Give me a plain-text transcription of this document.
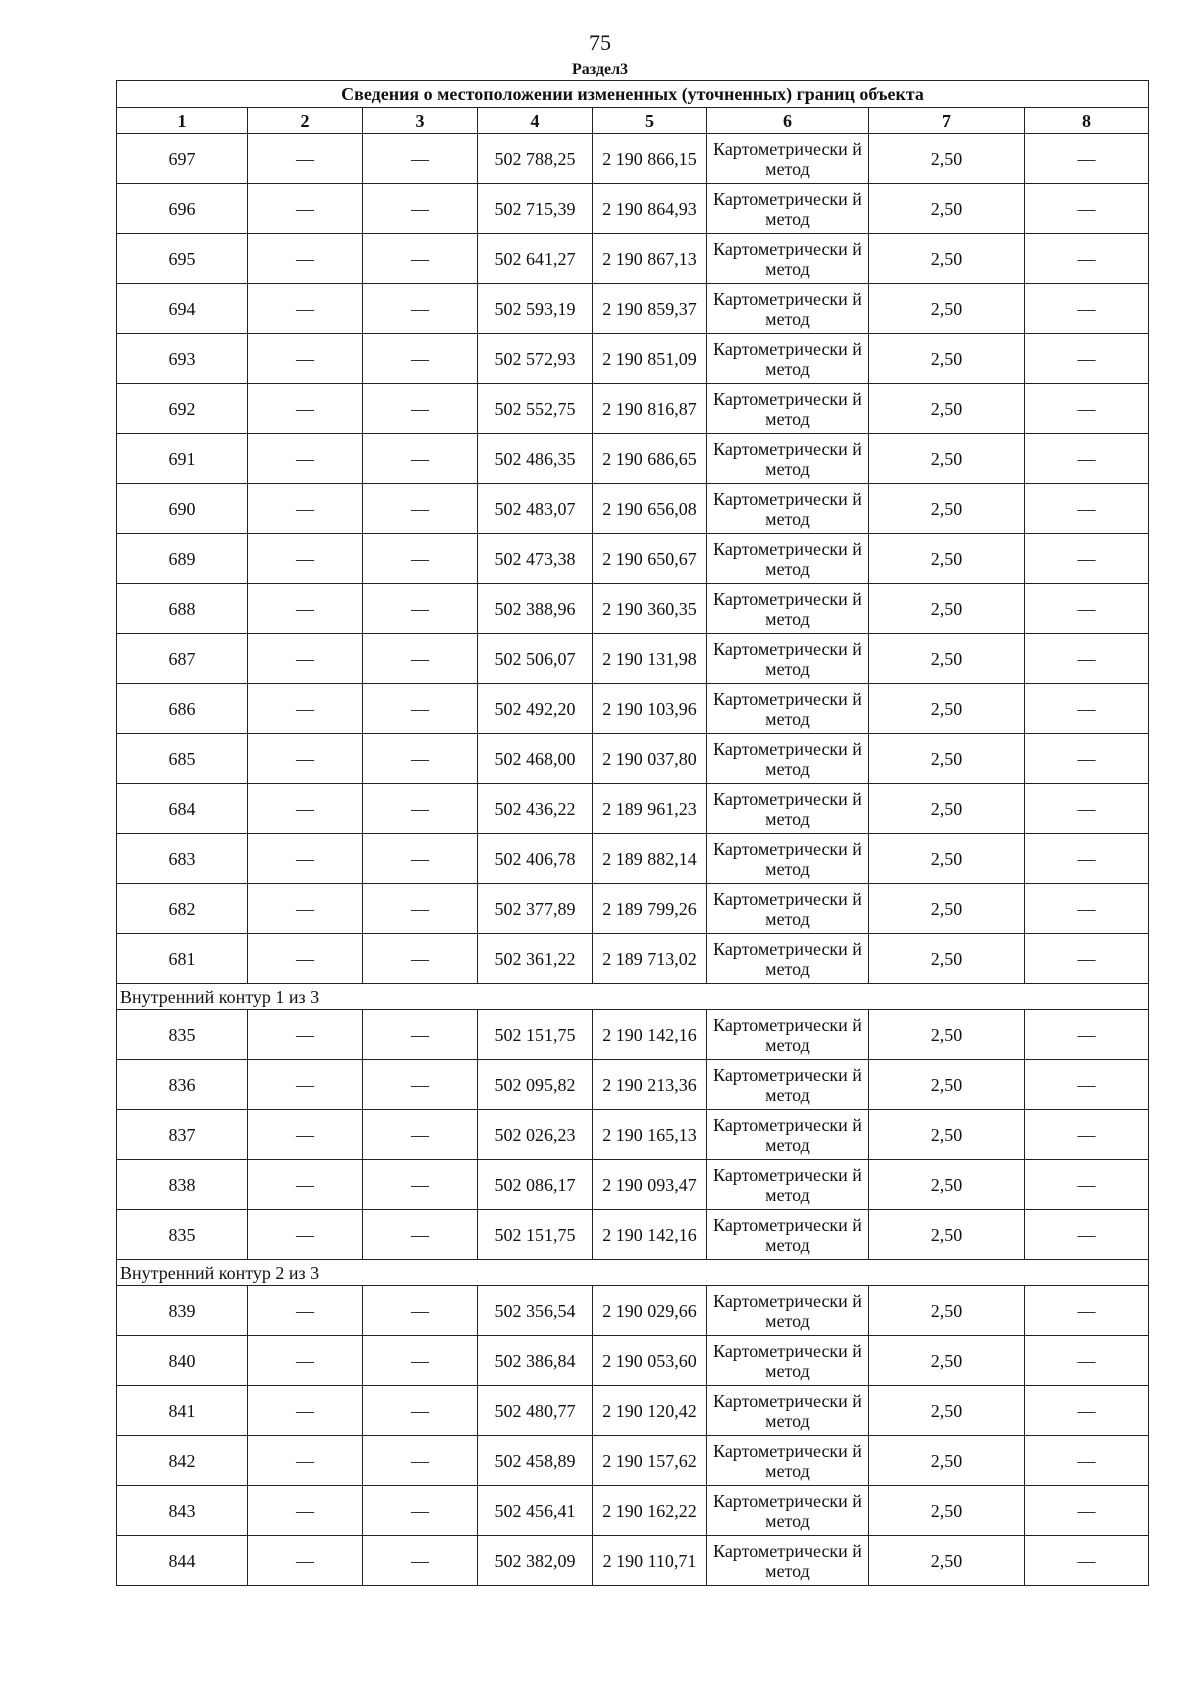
75
Раздел3
Сведения о местоположении измененных (уточненных) границ объекта							
1	2	3	4	5	6	7	8
697	—	—	502 788,25	2 190 866,15	Картометрически й метод	2,50	—
696	—	—	502 715,39	2 190 864,93	Картометрически й метод	2,50	—
695	—	—	502 641,27	2 190 867,13	Картометрически й метод	2,50	—
694	—	—	502 593,19	2 190 859,37	Картометрически й метод	2,50	—
693	—	—	502 572,93	2 190 851,09	Картометрически й метод	2,50	—
692	—	—	502 552,75	2 190 816,87	Картометрически й метод	2,50	—
691	—	—	502 486,35	2 190 686,65	Картометрически й метод	2,50	—
690	—	—	502 483,07	2 190 656,08	Картометрически й метод	2,50	—
689	—	—	502 473,38	2 190 650,67	Картометрически й метод	2,50	—
688	—	—	502 388,96	2 190 360,35	Картометрически й метод	2,50	—
687	—	—	502 506,07	2 190 131,98	Картометрически й метод	2,50	—
686	—	—	502 492,20	2 190 103,96	Картометрически й метод	2,50	—
685	—	—	502 468,00	2 190 037,80	Картометрически й метод	2,50	—
684	—	—	502 436,22	2 189 961,23	Картометрически й метод	2,50	—
683	—	—	502 406,78	2 189 882,14	Картометрически й метод	2,50	—
682	—	—	502 377,89	2 189 799,26	Картометрически й метод	2,50	—
681	—	—	502 361,22	2 189 713,02	Картометрически й метод	2,50	—
Внутренний контур 1 из 3							
835	—	—	502 151,75	2 190 142,16	Картометрически й метод	2,50	—
836	—	—	502 095,82	2 190 213,36	Картометрически й метод	2,50	—
837	—	—	502 026,23	2 190 165,13	Картометрически й метод	2,50	—
838	—	—	502 086,17	2 190 093,47	Картометрически й метод	2,50	—
835	—	—	502 151,75	2 190 142,16	Картометрически й метод	2,50	—
Внутренний контур 2 из 3							
839	—	—	502 356,54	2 190 029,66	Картометрически й метод	2,50	—
840	—	—	502 386,84	2 190 053,60	Картометрически й метод	2,50	—
841	—	—	502 480,77	2 190 120,42	Картометрически й метод	2,50	—
842	—	—	502 458,89	2 190 157,62	Картометрически й метод	2,50	—
843	—	—	502 456,41	2 190 162,22	Картометрически й метод	2,50	—
844	—	—	502 382,09	2 190 110,71	Картометрически й метод	2,50	—
